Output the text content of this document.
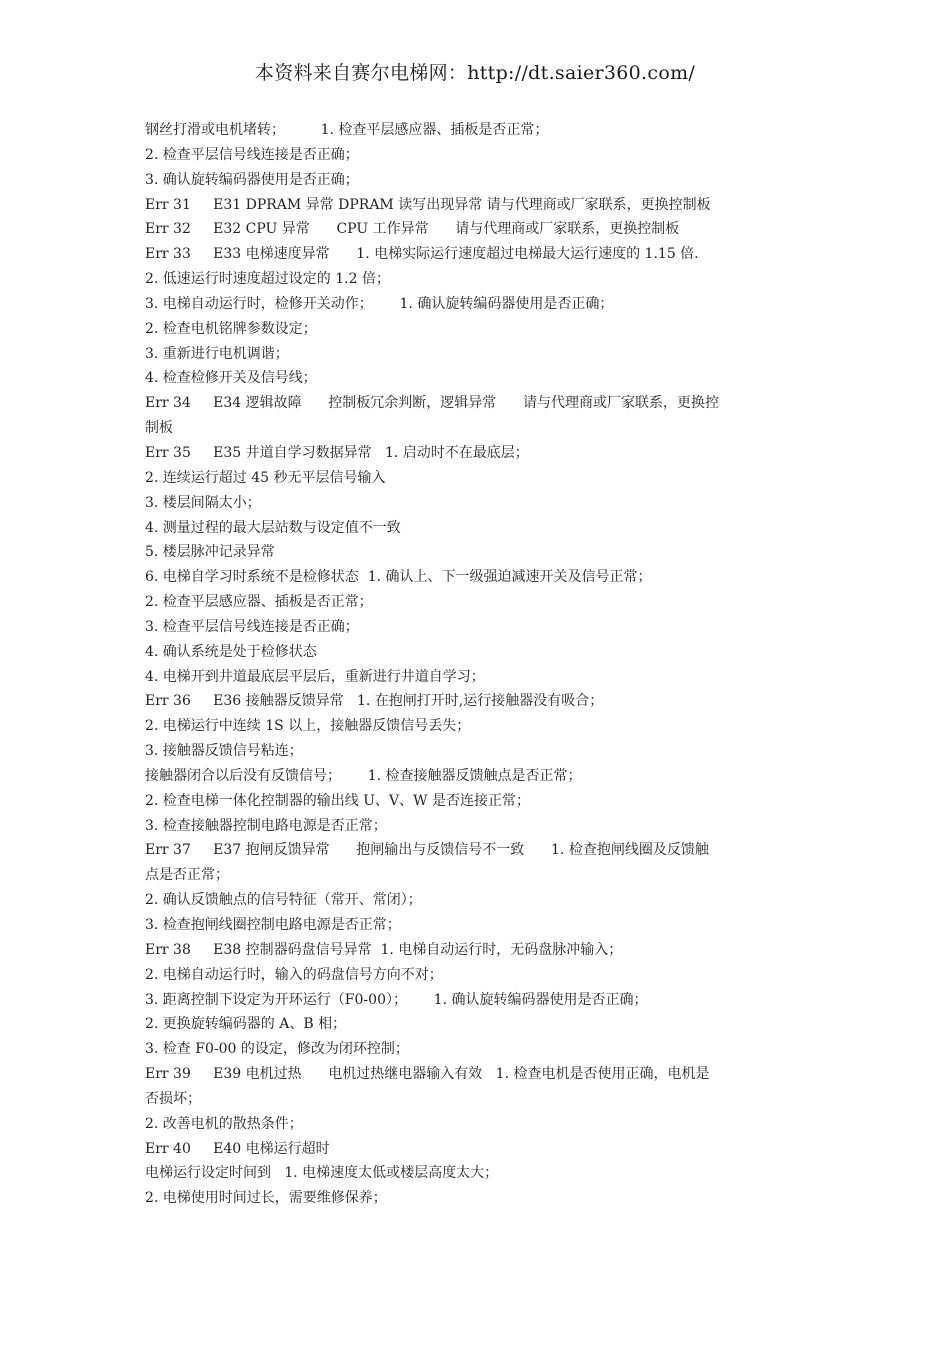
本资料来自赛尔电梯网：http://dt.saier360.com/
钢丝打滑或电机堵转；        1. 检查平层感应器、插板是否正常；
2. 检查平层信号线连接是否正确；
3. 确认旋转编码器使用是否正确；
Err 31     E31 DPRAM 异常 DPRAM 读写出现异常 请与代理商或厂家联系，更换控制板
Err 32     E32 CPU 异常      CPU 工作异常      请与代理商或厂家联系，更换控制板
Err 33     E33 电梯速度异常      1. 电梯实际运行速度超过电梯最大运行速度的 1.15 倍.
2. 低速运行时速度超过设定的 1.2 倍；
3. 电梯自动运行时，检修开关动作；      1. 确认旋转编码器使用是否正确；
2. 检查电机铭牌参数设定；
3. 重新进行电机调谐；
4. 检查检修开关及信号线；
Err 34     E34 逻辑故障      控制板冗余判断，逻辑异常      请与代理商或厂家联系，更换控
制板
Err 35     E35 井道自学习数据异常   1. 启动时不在最底层；
2. 连续运行超过 45 秒无平层信号输入
3. 楼层间隔太小；
4. 测量过程的最大层站数与设定值不一致
5. 楼层脉冲记录异常
6. 电梯自学习时系统不是检修状态  1. 确认上、下一级强迫减速开关及信号正常；
2. 检查平层感应器、插板是否正常；
3. 检查平层信号线连接是否正确；
4. 确认系统是处于检修状态
4. 电梯开到井道最底层平层后，重新进行井道自学习；
Err 36     E36 接触器反馈异常   1. 在抱闸打开时,运行接触器没有吸合；
2. 电梯运行中连续 1S 以上，接触器反馈信号丢失；
3. 接触器反馈信号粘连；
接触器闭合以后没有反馈信号；      1. 检查接触器反馈触点是否正常；
2. 检查电梯一体化控制器的输出线 U、V、W 是否连接正常；
3. 检查接触器控制电路电源是否正常；
Err 37     E37 抱闸反馈异常      抱闸输出与反馈信号不一致      1. 检查抱闸线圈及反馈触
点是否正常；
2. 确认反馈触点的信号特征（常开、常闭）；
3. 检查抱闸线圈控制电路电源是否正常；
Err 38     E38 控制器码盘信号异常  1. 电梯自动运行时，无码盘脉冲输入；
2. 电梯自动运行时，输入的码盘信号方向不对；
3. 距离控制下设定为开环运行（F0-00）；      1. 确认旋转编码器使用是否正确；
2. 更换旋转编码器的 A、B 相；
3. 检查 F0-00 的设定，修改为闭环控制；
Err 39     E39 电机过热      电机过热继电器输入有效   1. 检查电机是否使用正确，电机是
否损坏；
2. 改善电机的散热条件；
Err 40     E40 电梯运行超时
电梯运行设定时间到   1. 电梯速度太低或楼层高度太大；
2. 电梯使用时间过长，需要维修保养；
